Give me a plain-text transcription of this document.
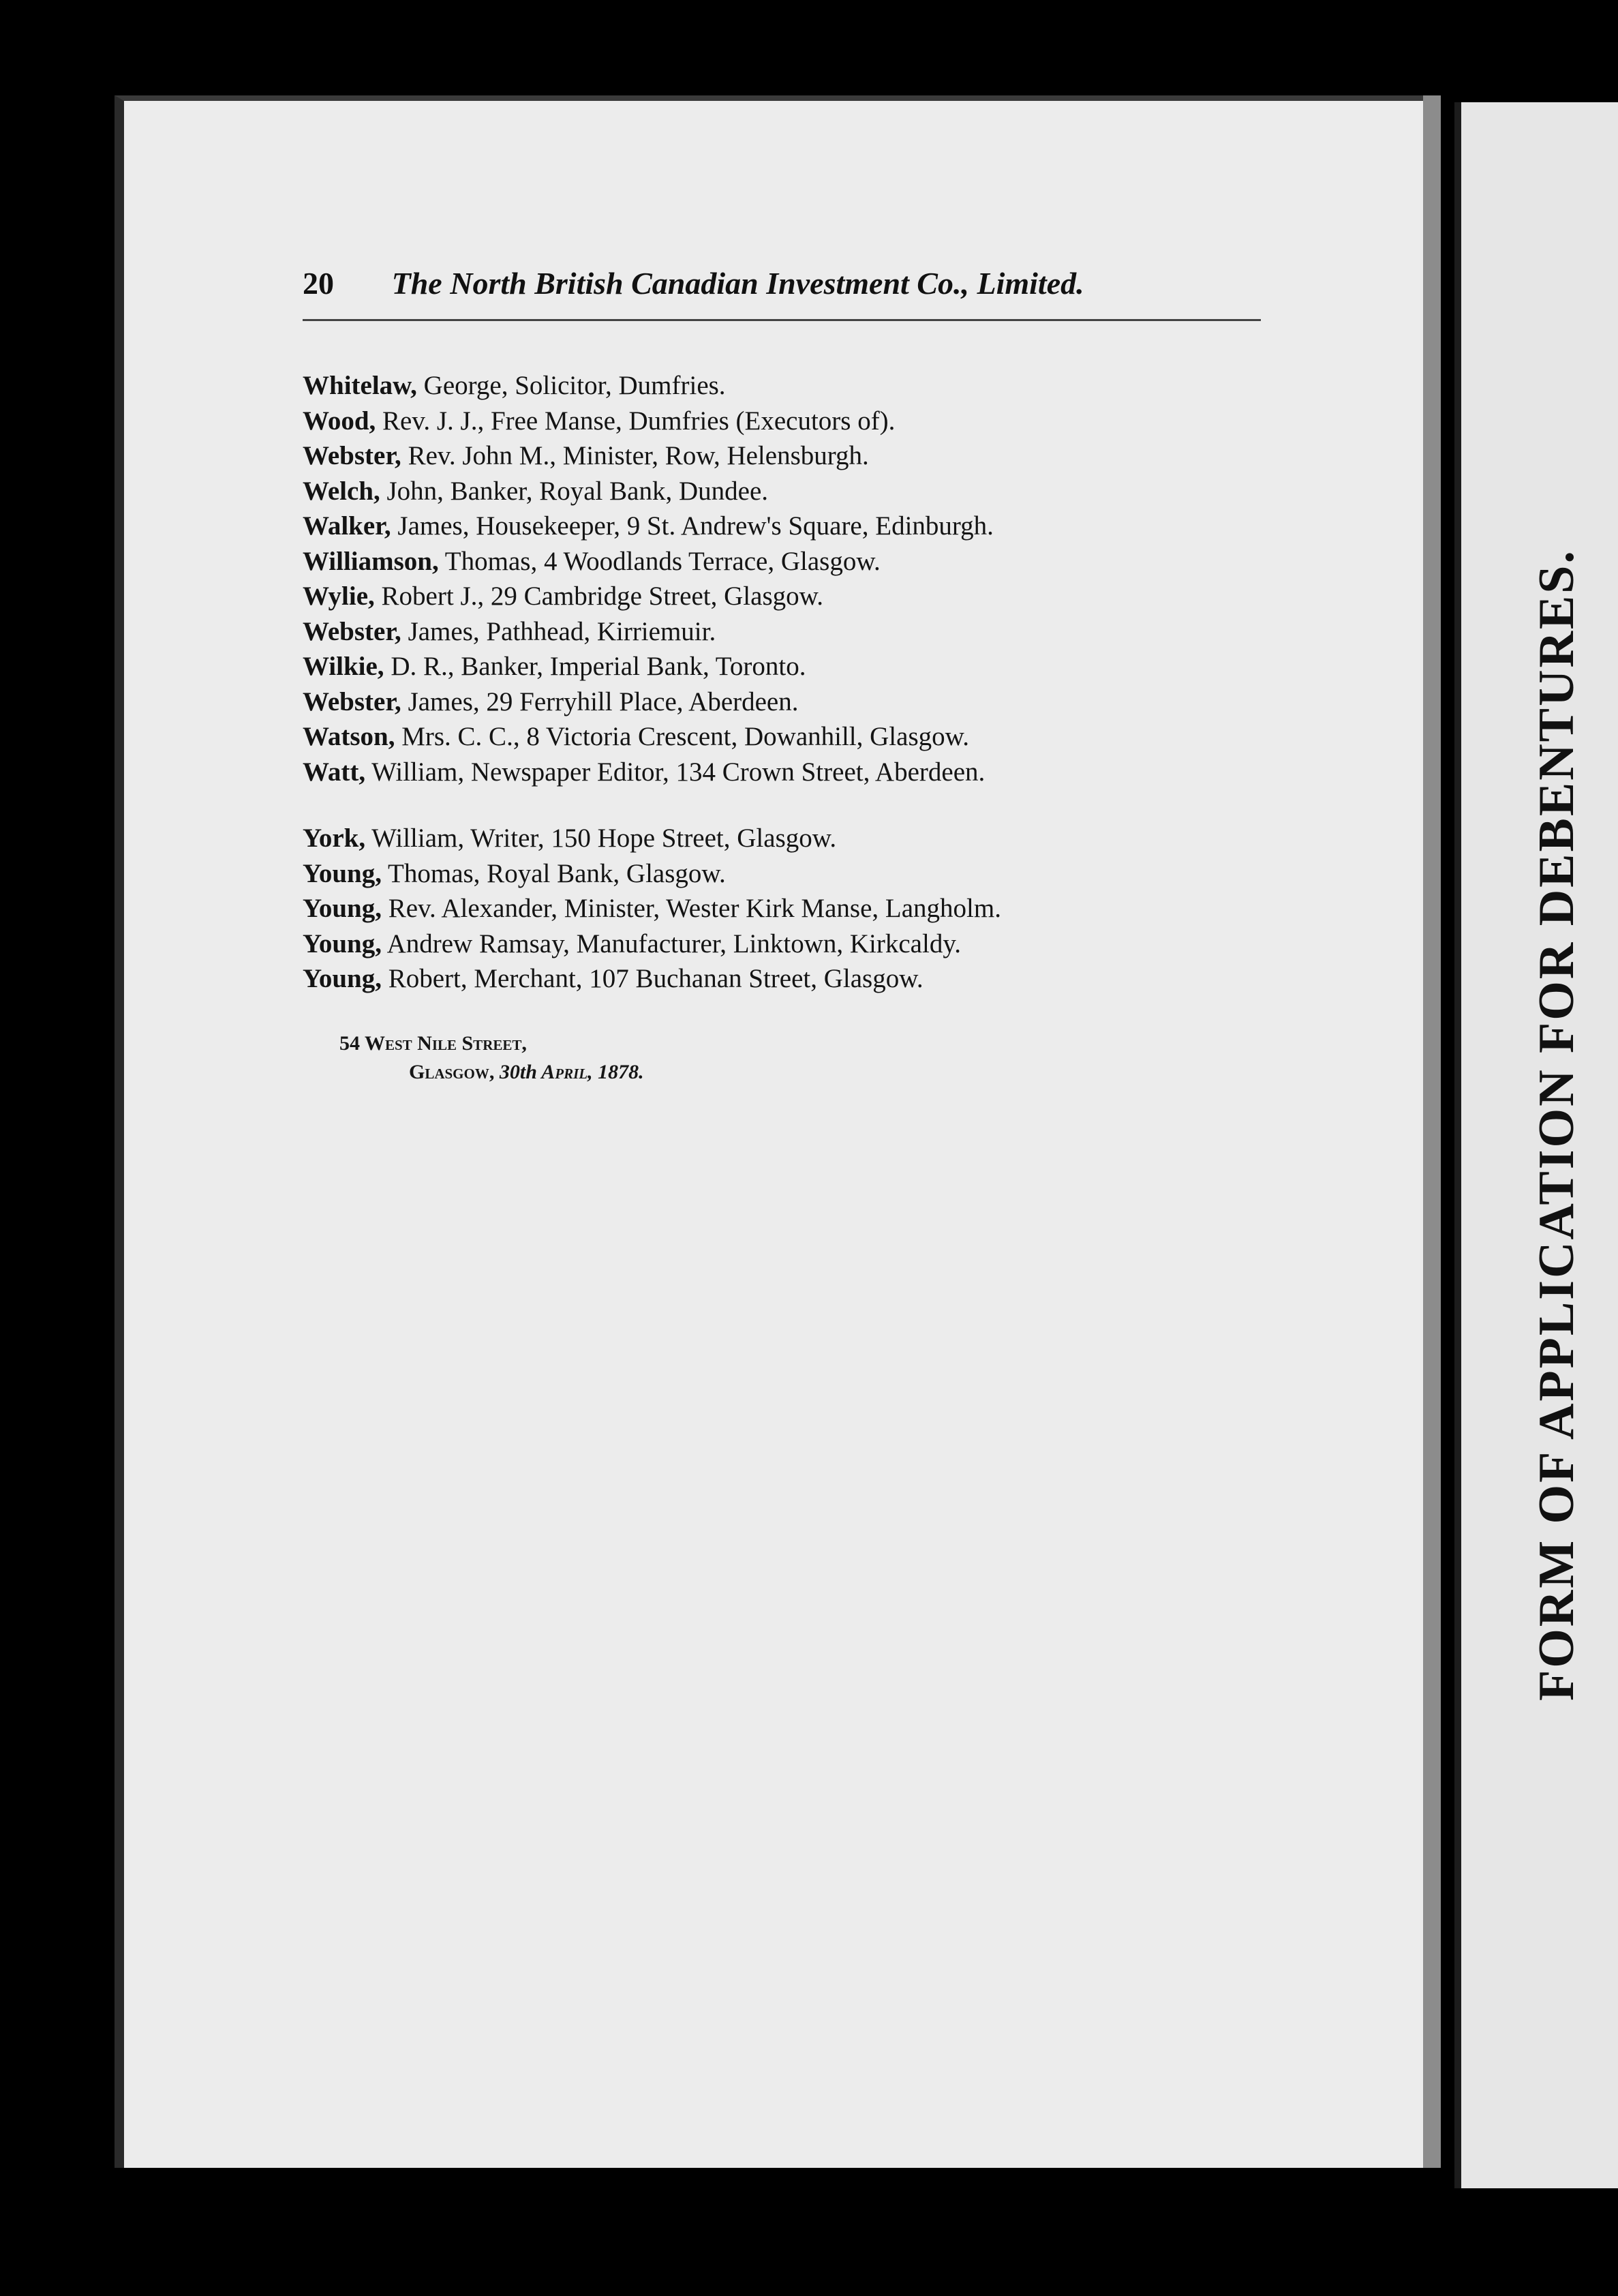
FORM OF APPLICATION FOR DEBENTURES.
20 The North British Canadian Investment Co., Limited.
Whitelaw, George, Solicitor, Dumfries.
Wood, Rev. J. J., Free Manse, Dumfries (Executors of).
Webster, Rev. John M., Minister, Row, Helensburgh.
Welch, John, Banker, Royal Bank, Dundee.
Walker, James, Housekeeper, 9 St. Andrew's Square, Edinburgh.
Williamson, Thomas, 4 Woodlands Terrace, Glasgow.
Wylie, Robert J., 29 Cambridge Street, Glasgow.
Webster, James, Pathhead, Kirriemuir.
Wilkie, D. R., Banker, Imperial Bank, Toronto.
Webster, James, 29 Ferryhill Place, Aberdeen.
Watson, Mrs. C. C., 8 Victoria Crescent, Dowanhill, Glasgow.
Watt, William, Newspaper Editor, 134 Crown Street, Aberdeen.
York, William, Writer, 150 Hope Street, Glasgow.
Young, Thomas, Royal Bank, Glasgow.
Young, Rev. Alexander, Minister, Wester Kirk Manse, Langholm.
Young, Andrew Ramsay, Manufacturer, Linktown, Kirkcaldy.
Young, Robert, Merchant, 107 Buchanan Street, Glasgow.
54 West Nile Street,
Glasgow, 30th April, 1878.
